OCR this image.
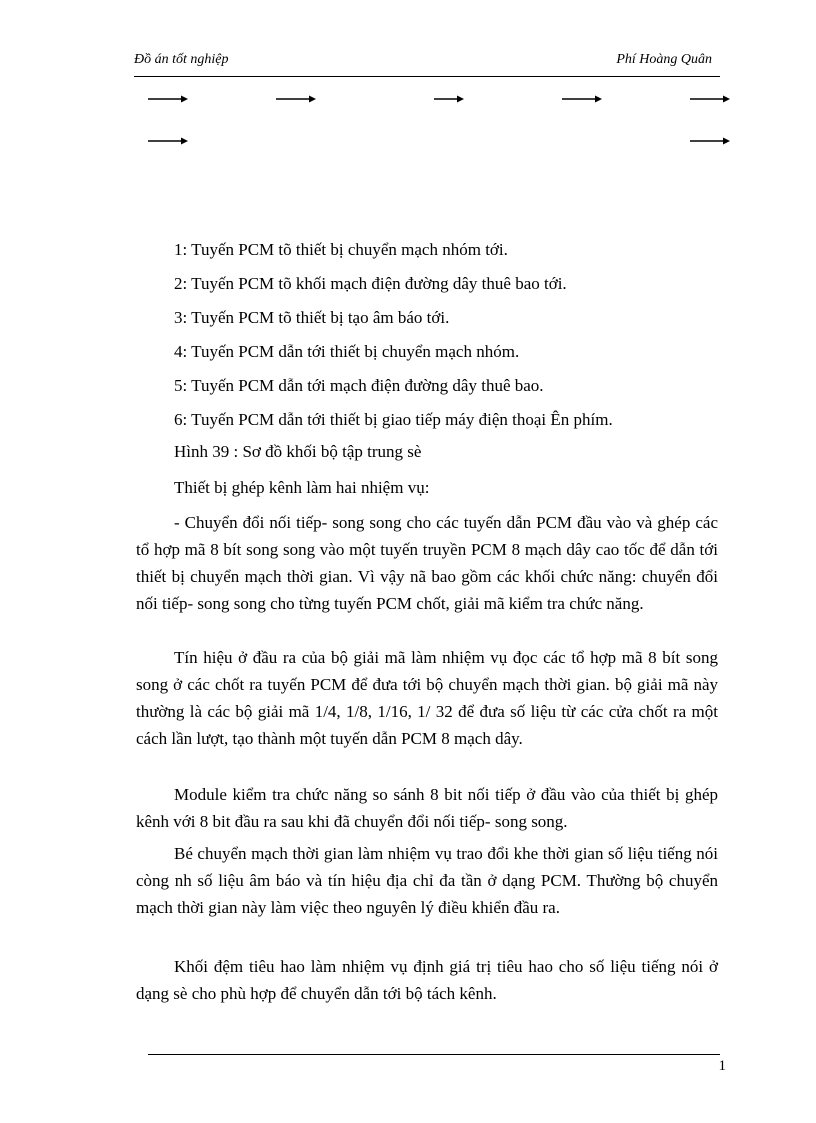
Đồ án tốt nghiệp	Phí Hoàng Quân
1: Tuyến PCM tõ thiết bị chuyển mạch nhóm tới.
2: Tuyến PCM tõ khối mạch điện đường dây thuê bao tới.
3: Tuyến PCM tõ thiết bị tạo âm báo tới.
4: Tuyến PCM dẫn tới thiết bị chuyển mạch nhóm.
5: Tuyến PCM dẫn tới mạch điện đường dây thuê bao.
6: Tuyến PCM dẫn tới thiết bị giao tiếp máy điện thoại Ên phím.
Hình 39 : Sơ đồ khối bộ tập trung sè
Thiết bị ghép kênh làm hai nhiệm vụ:
- Chuyển đổi nối tiếp- song song cho các tuyến dẫn PCM đầu vào và ghép các tổ hợp mã 8 bít song song vào một tuyến truyền PCM 8 mạch dây cao tốc để dẫn tới thiết bị chuyển mạch thời gian. Vì vậy nã bao gồm các khối chức năng: chuyển đổi nối tiếp- song song cho từng tuyến PCM chốt, giải mã kiểm tra chức năng.
Tín hiệu ở đầu ra của bộ giải mã làm nhiệm vụ đọc các tổ hợp mã 8 bít song song ở các chốt ra tuyến PCM để đưa tới bộ chuyển mạch thời gian. bộ giải mã này thường là các bộ giải mã 1/4, 1/8, 1/16, 1/ 32 để đưa số liệu từ các cửa chốt ra một cách lần lượt, tạo thành một tuyến dẫn PCM 8 mạch dây.
Module kiểm tra chức năng so sánh 8 bit nối tiếp ở đầu vào của thiết bị ghép kênh với 8 bit đầu ra sau khi đã chuyển đổi nối tiếp- song song.
Bé chuyển mạch thời gian làm nhiệm vụ trao đổi khe thời gian số liệu tiếng nói còng nh số liệu âm báo và tín hiệu địa chỉ đa tần ở dạng PCM. Thường bộ chuyển mạch thời gian này làm việc theo nguyên lý điều khiển đầu ra.
Khối đệm tiêu hao làm nhiệm vụ định giá trị tiêu hao cho số liệu tiếng nói ở dạng sè cho phù hợp để chuyển dẫn tới bộ tách kênh.
1
